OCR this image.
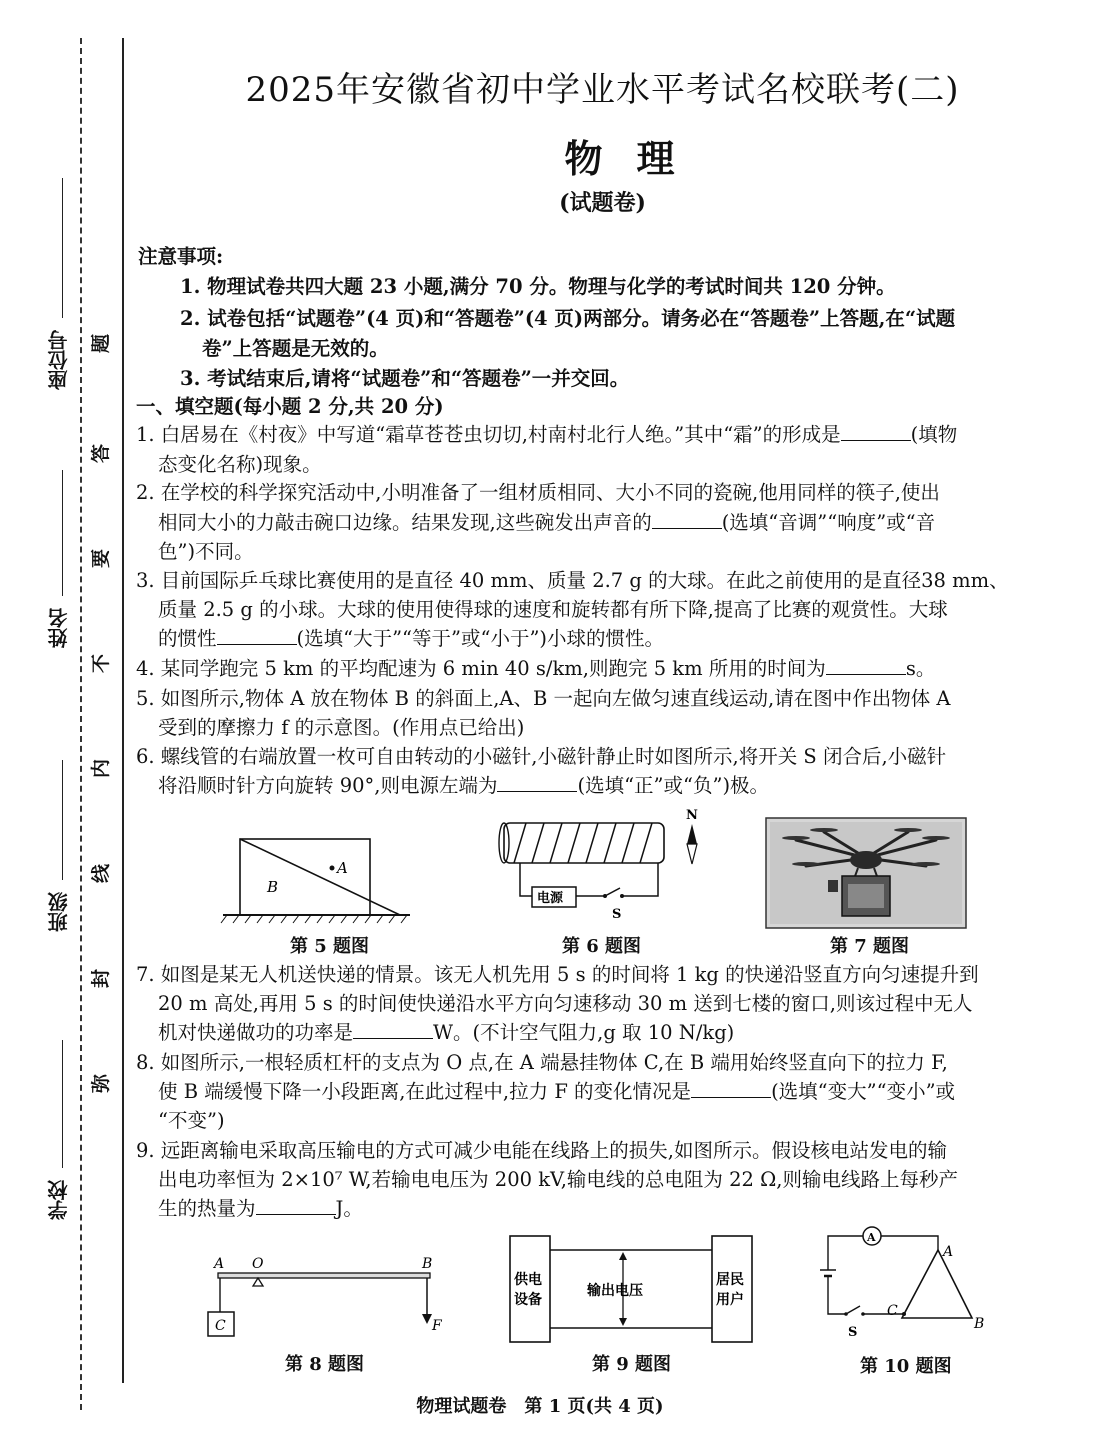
座位号
姓名
班级
学校
题
答
要
不
内
线
封
弥
2025年安徽省初中学业水平考试名校联考(二)
物理
(试题卷)
注意事项:
1. 物理试卷共四大题 23 小题,满分 70 分。物理与化学的考试时间共 120 分钟。
2. 试卷包括“试题卷”(4 页)和“答题卷”(4 页)两部分。请务必在“答题卷”上答题,在“试题
卷”上答题是无效的。
3. 考试结束后,请将“试题卷”和“答题卷”一并交回。
一、填空题(每小题 2 分,共 20 分)
1. 白居易在《村夜》中写道“霜草苍苍虫切切,村南村北行人绝。”其中“霜”的形成是	(填物
态变化名称)现象。
2. 在学校的科学探究活动中,小明准备了一组材质相同、大小不同的瓷碗,他用同样的筷子,使出
相同大小的力敲击碗口边缘。结果发现,这些碗发出声音的	(选填“音调”“响度”或“音
色”)不同。
3. 目前国际乒乓球比赛使用的是直径 40 mm、质量 2.7 g 的大球。在此之前使用的是直径38 mm、
质量 2.5 g 的小球。大球的使用使得球的速度和旋转都有所下降,提高了比赛的观赏性。大球
的惯性	(选填“大于”“等于”或“小于”)小球的惯性。
4. 某同学跑完 5 km 的平均配速为 6 min 40 s/km,则跑完 5 km 所用的时间为	s。
5. 如图所示,物体 A 放在物体 B 的斜面上,A、B 一起向左做匀速直线运动,请在图中作出物体 A
受到的摩擦力 f 的示意图。(作用点已给出)
6. 螺线管的右端放置一枚可自由转动的小磁针,小磁针静止时如图所示,将开关 S 闭合后,小磁针
将沿顺时针方向旋转 90°,则电源左端为	(选填“正”或“负”)极。
A
B
第 5 题图
电源
S
N
第 6 题图	第 7 题图
7. 如图是某无人机送快递的情景。该无人机先用 5 s 的时间将 1 kg 的快递沿竖直方向匀速提升到
20 m 高处,再用 5 s 的时间使快递沿水平方向匀速移动 30 m 送到七楼的窗口,则该过程中无人
机对快递做功的功率是	W。(不计空气阻力,g 取 10 N/kg)
8. 如图所示,一根轻质杠杆的支点为 O 点,在 A 端悬挂物体 C,在 B 端用始终竖直向下的拉力 F,
使 B 端缓慢下降一小段距离,在此过程中,拉力 F 的变化情况是	(选填“变大”“变小”或
“不变”)
9. 远距离输电采取高压输电的方式可减少电能在线路上的损失,如图所示。假设核电站发电的输
出电功率恒为 2×10⁷ W,若输电电压为 200 kV,输电线的总电阻为 22 Ω,则输电线路上每秒产
生的热量为	J。
A O	B
C	F
第 8 题图
供电
设备
居民
用户
输出电压
第 9 题图
A
S
A
B
C
第 10 题图
物理试题卷　第 1 页(共 4 页)
